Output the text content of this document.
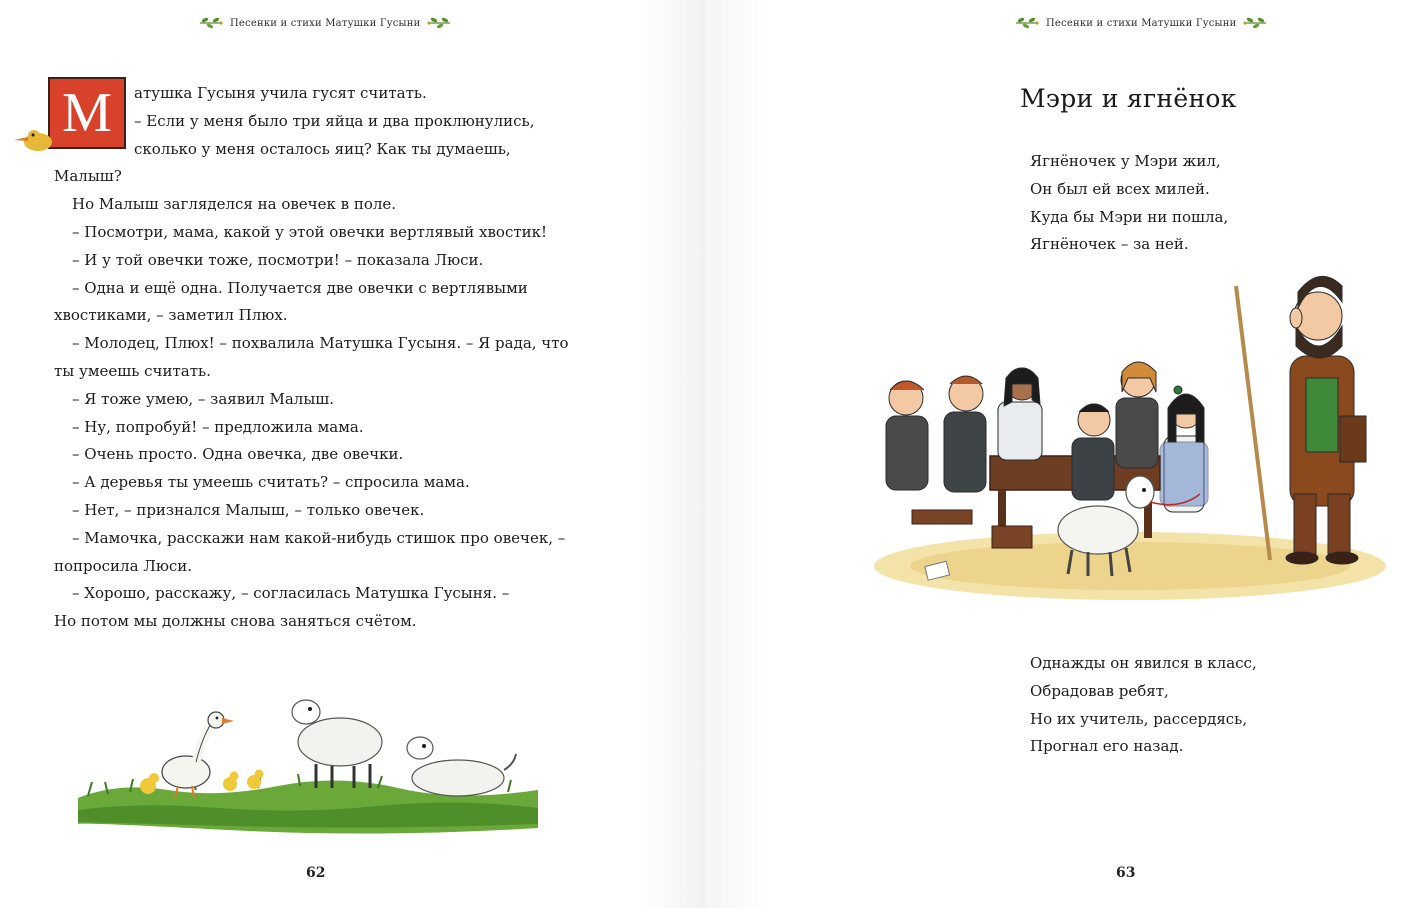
Песенки и стихи Матушки Гусыни
М	атушка Гусыня учила гусят считать.

– Если у меня было три яйца и два проклюнулись,

сколько у меня осталось яиц? Как ты думаешь,

Малыш?

Но Малыш загляделся на овечек в поле.

– Посмотри, мама, какой у этой овечки вертлявый хвостик!

– И у той овечки тоже, посмотри! – показала Люси.

– Одна и ещё одна. Получается две овечки с вертлявыми

хвостиками, – заметил Плюх.

– Молодец, Плюх! – похвалила Матушка Гусыня. – Я рада, что

ты умеешь считать.

– Я тоже умею, – заявил Малыш.

– Ну, попробуй! – предложила мама.

– Очень просто. Одна овечка, две овечки.

– А деревья ты умеешь считать? – спросила мама.

– Нет, – признался Малыш, – только овечек.

– Мамочка, расскажи нам какой-нибудь стишок про овечек, –

попросила Люси.

– Хорошо, расскажу, – согласилась Матушка Гусыня. –

Но потом мы должны снова заняться счётом.

62
Песенки и стихи Матушки Гусыни
Мэри и ягнёнок

Ягнёночек у Мэри жил,

Он был ей всех милей.

Куда бы Мэри ни пошла,

Ягнёночек – за ней.

Однажды он явился в класс,

Обрадовав ребят,

Но их учитель, рассердясь,

Прогнал его назад.

63
